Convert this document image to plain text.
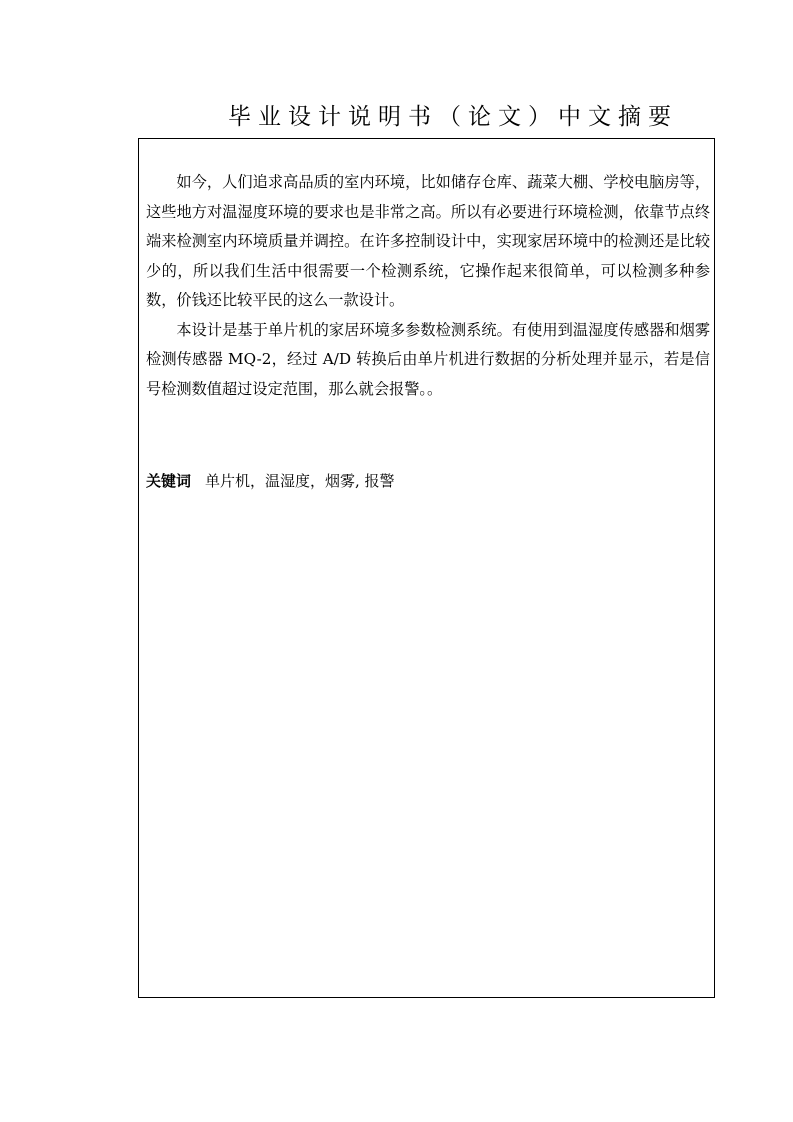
毕业设计说明书（论文）中文摘要

如今，人们追求高品质的室内环境，比如储存仓库、蔬菜大棚、学校电脑房等，这些地方对温湿度环境的要求也是非常之高。所以有必要进行环境检测，依靠节点终端来检测室内环境质量并调控。在许多控制设计中，实现家居环境中的检测还是比较少的，所以我们生活中很需要一个检测系统，它操作起来很简单，可以检测多种参数，价钱还比较平民的这么一款设计。

本设计是基于单片机的家居环境多参数检测系统。有使用到温湿度传感器和烟雾检测传感器 MQ-2，经过 A/D 转换后由单片机进行数据的分析处理并显示，若是信号检测数值超过设定范围，那么就会报警。。

关键词 单片机，温湿度，烟雾, 报警
